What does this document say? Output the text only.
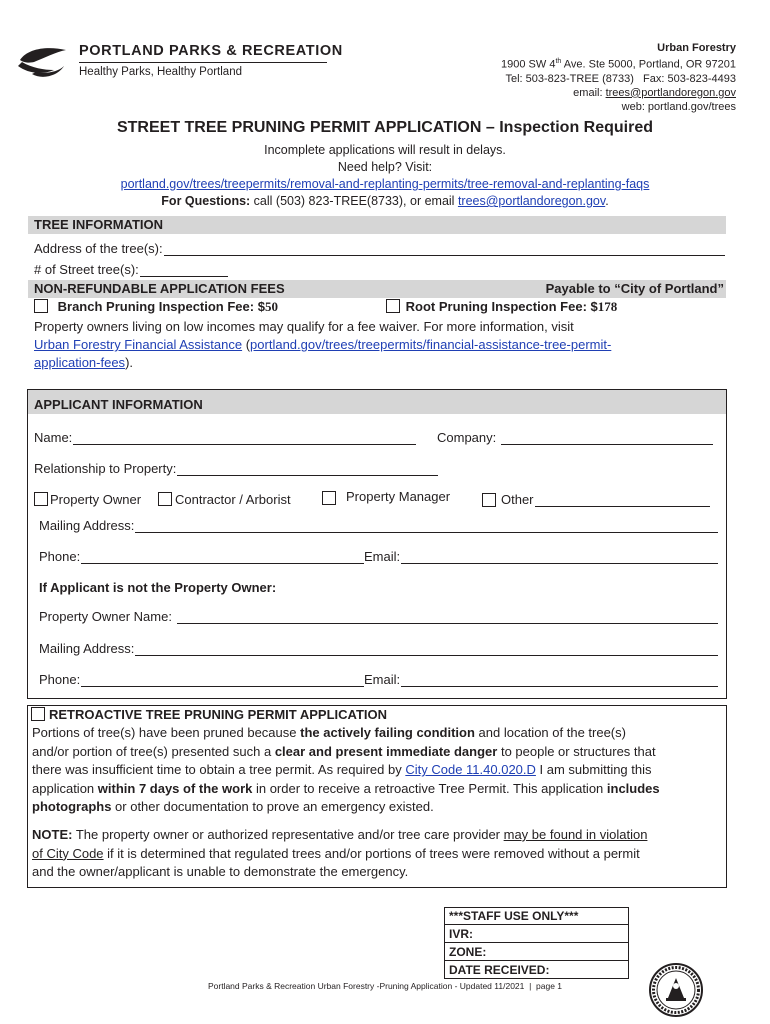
PORTLAND PARKS & RECREATION
Healthy Parks, Healthy Portland
Urban Forestry
1900 SW 4th Ave. Ste 5000, Portland, OR 97201
Tel: 503-823-TREE (8733)   Fax: 503-823-4493
email: trees@portlandoregon.gov
web: portland.gov/trees
STREET TREE PRUNING PERMIT APPLICATION – Inspection Required
Incomplete applications will result in delays.
Need help? Visit:
portland.gov/trees/treepermits/removal-and-replanting-permits/tree-removal-and-replanting-faqs
For Questions: call (503) 823-TREE(8733), or email trees@portlandoregon.gov.
TREE INFORMATION
Address of the tree(s):
# of Street tree(s):
NON-REFUNDABLE APPLICATION FEES	Payable to “City of Portland”
Branch Pruning Inspection Fee: $50	Root Pruning Inspection Fee: $178
Property owners living on low incomes may qualify for a fee waiver. For more information, visit
Urban Forestry Financial Assistance (portland.gov/trees/treepermits/financial-assistance-tree-permit-
application-fees).
APPLICANT INFORMATION
Name:	Company:
Relationship to Property:
Property Owner	Contractor / Arborist	Property Manager	Other
Mailing Address:
Phone:	Email:
If Applicant is not the Property Owner:
Property Owner Name:
Mailing Address:
Phone:	Email:
RETROACTIVE TREE PRUNING PERMIT APPLICATION
Portions of tree(s) have been pruned because the actively failing condition and location of the tree(s)
and/or portion of tree(s) presented such a clear and present immediate danger to people or structures that
there was insufficient time to obtain a tree permit. As required by City Code 11.40.020.D I am submitting this
application within 7 days of the work in order to receive a retroactive Tree Permit. This application includes
photographs or other documentation to prove an emergency existed.
NOTE: The property owner or authorized representative and/or tree care provider may be found in violation
of City Code if it is determined that regulated trees and/or portions of trees were removed without a permit
and the owner/applicant is unable to demonstrate the emergency.
***STAFF USE ONLY***
IVR:
ZONE:
DATE RECEIVED:
Portland Parks & Recreation Urban Forestry -Pruning Application - Updated 11/2021  |  page 1
